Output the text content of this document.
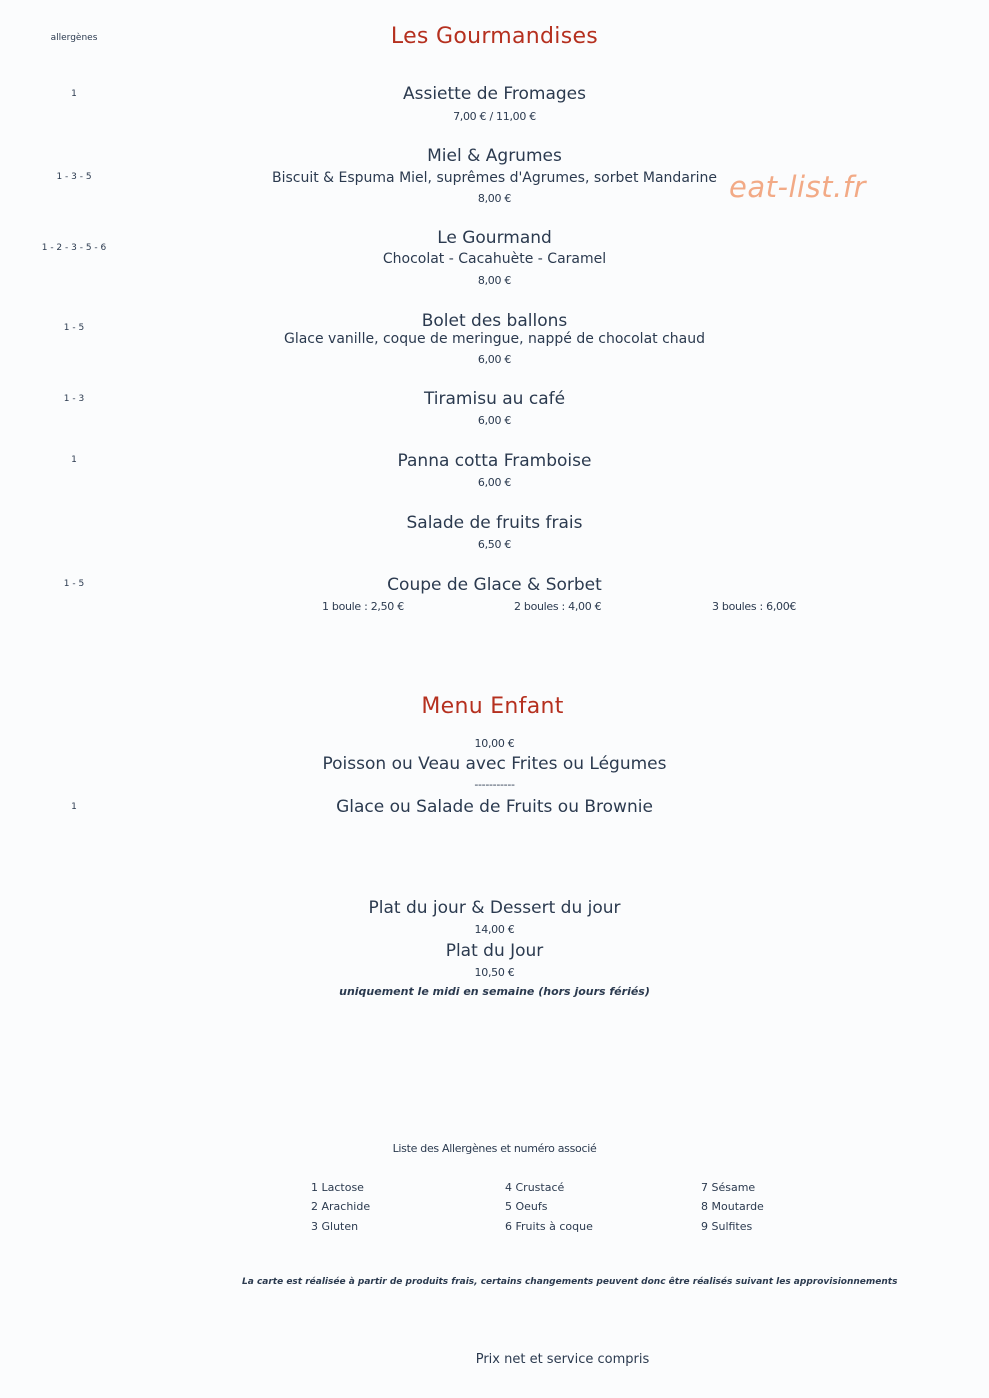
allergènes	Les Gourmandises
1	Assiette de Fromages
7,00 € / 11,00 €
1 - 3 - 5
Miel & Agrumes
Biscuit & Espuma Miel, suprêmes d'Agrumes, sorbet Mandarine
8,00 €
1 - 2 - 3 - 5 - 6	Le Gourmand
Chocolat - Cacahuète - Caramel
8,00 €
1 - 5	Bolet des ballons
Glace vanille, coque de meringue, nappé de chocolat chaud
6,00 €
1 - 3	Tiramisu au café
6,00 €
1	Panna cotta Framboise
6,00 €
Salade de fruits frais
6,50 €
1 - 5	Coupe de Glace & Sorbet
1 boule : 2,50 €	2 boules : 4,00 €	3 boules : 6,00€
Menu Enfant
10,00 €
Poisson ou Veau avec Frites ou Légumes
-----------
1	Glace ou Salade de Fruits ou Brownie
Plat du jour & Dessert du jour
14,00 €
Plat du Jour
10,50 €
uniquement le midi en semaine (hors jours fériés)
Liste des Allergènes et numéro associé
1 Lactose
2 Arachide
3 Gluten
4 Crustacé
5 Oeufs
6 Fruits à coque
7 Sésame
8 Moutarde
9 Sulfites
La carte est réalisée à partir de produits frais, certains changements peuvent donc être réalisés suivant les approvisionnements
Prix net et service compris
eat-list.fr
